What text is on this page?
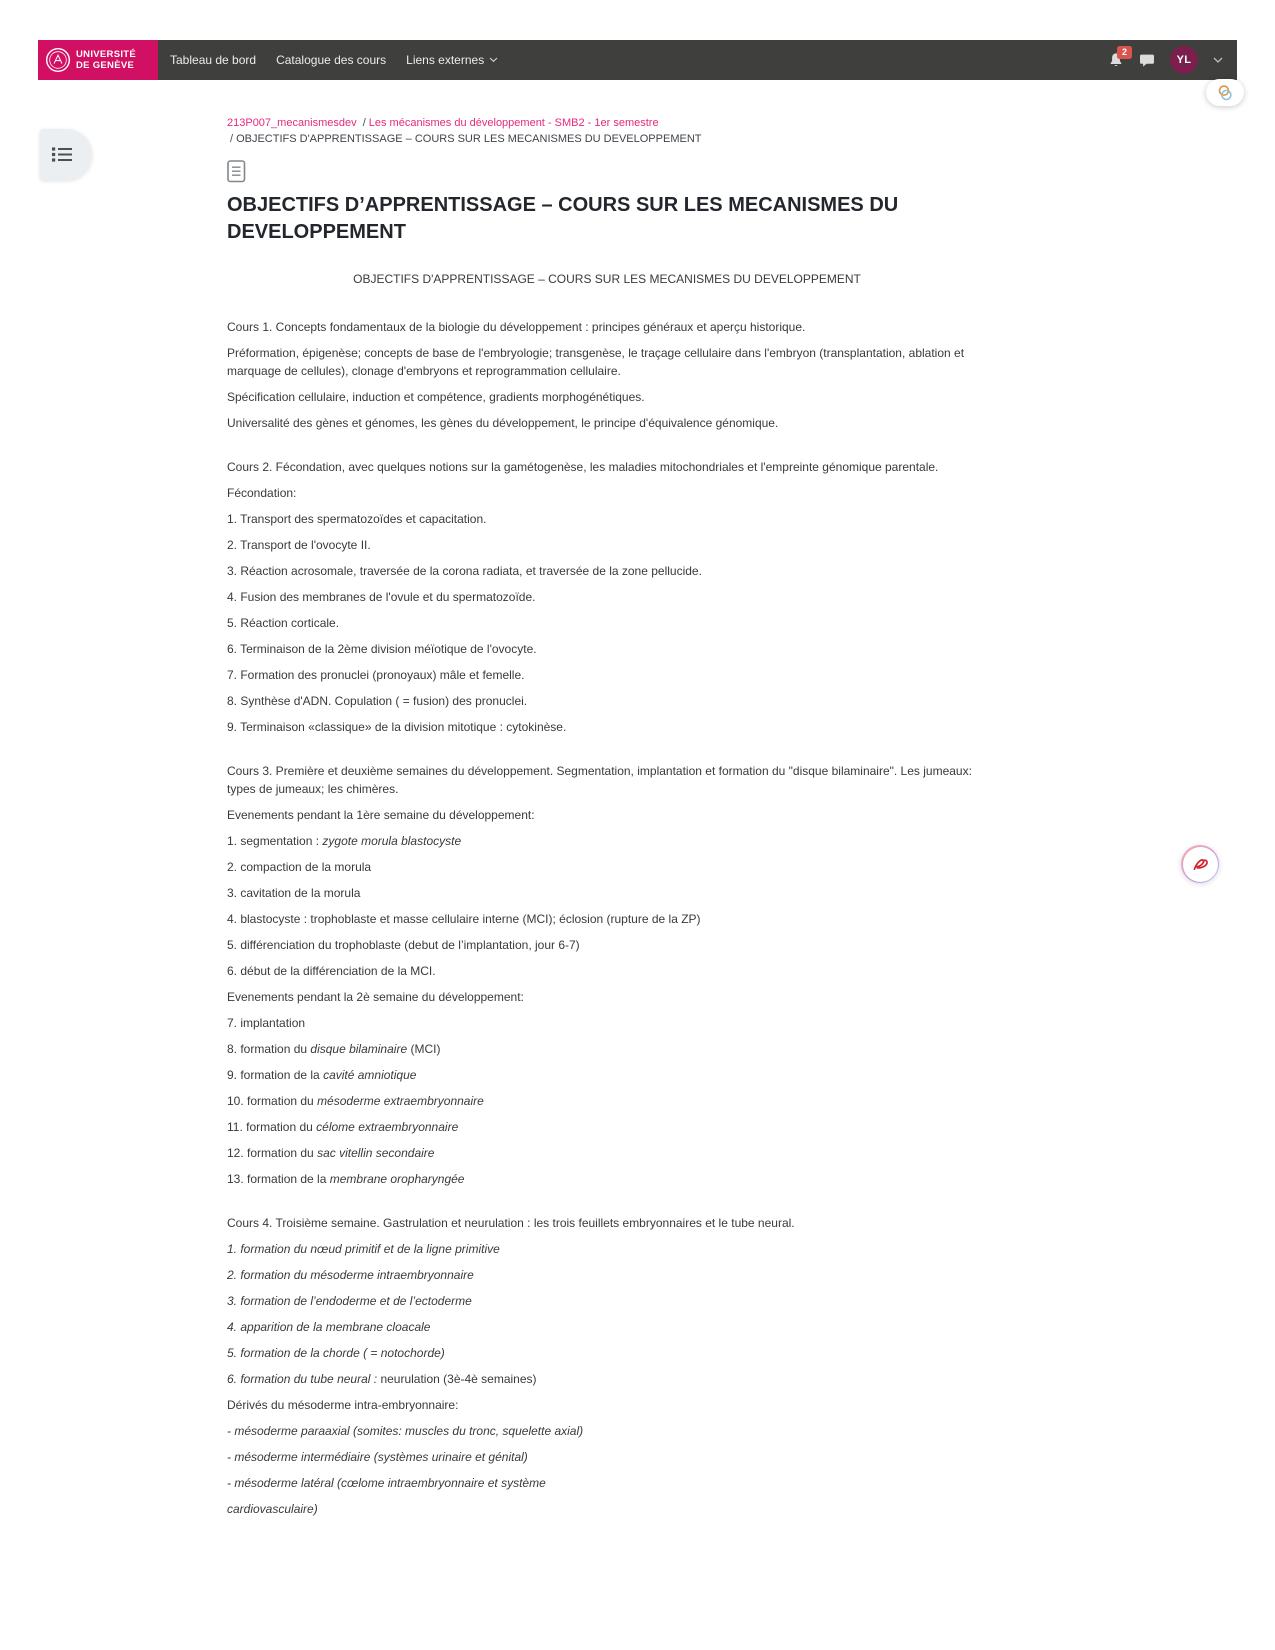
UNIVERSITÉ
DE GENÈVE	Tableau de bord Catalogue des cours Liens externes
2
YL
213P007_mecanismesdev / Les mécanismes du développement - SMB2 - 1er semestre / OBJECTIFS D'APPRENTISSAGE – COURS SUR LES MECANISMES DU DEVELOPPEMENT
OBJECTIFS D’APPRENTISSAGE – COURS SUR LES MECANISMES DU DEVELOPPEMENT
OBJECTIFS D'APPRENTISSAGE – COURS SUR LES MECANISMES DU DEVELOPPEMENT

Cours 1. Concepts fondamentaux de la biologie du développement : principes généraux et aperçu historique.

Préformation, épigenèse; concepts de base de l'embryologie; transgenèse, le traçage cellulaire dans l'embryon (transplantation, ablation et marquage de cellules), clonage d'embryons et reprogrammation cellulaire.

Spécification cellulaire, induction et compétence, gradients morphogénétiques.

Universalité des gènes et génomes, les gènes du développement, le principe d'équivalence génomique.

Cours 2. Fécondation, avec quelques notions sur la gamétogenèse, les maladies mitochondriales et l'empreinte génomique parentale.

Fécondation:

1. Transport des spermatozoïdes et capacitation.

2. Transport de l'ovocyte II.

3. Réaction acrosomale, traversée de la corona radiata, et traversée de la zone pellucide.

4. Fusion des membranes de l'ovule et du spermatozoïde.

5. Réaction corticale.

6. Terminaison de la 2ème division méïotique de l'ovocyte.

7. Formation des pronuclei (pronoyaux) mâle et femelle.

8. Synthèse d'ADN. Copulation ( = fusion) des pronuclei.

9. Terminaison «classique» de la division mitotique : cytokinèse.

Cours 3. Première et deuxième semaines du développement. Segmentation, implantation et formation du "disque bilaminaire". Les jumeaux: types de jumeaux; les chimères.

Evenements pendant la 1ère semaine du développement:

1. segmentation : zygote morula blastocyste

2. compaction de la morula

3. cavitation de la morula

4. blastocyste : trophoblaste et masse cellulaire interne (MCI); éclosion (rupture de la ZP)

5. différenciation du trophoblaste (debut de l’implantation, jour 6-7)

6. début de la différenciation de la MCI.

Evenements pendant la 2è semaine du développement:

7. implantation

8. formation du disque bilaminaire (MCI)

9. formation de la cavité amniotique

10. formation du mésoderme extraembryonnaire

11. formation du célome extraembryonnaire

12. formation du sac vitellin secondaire

13. formation de la membrane oropharyngée

Cours 4. Troisième semaine. Gastrulation et neurulation : les trois feuillets embryonnaires et le tube neural.

1. formation du nœud primitif et de la ligne primitive

2. formation du mésoderme intraembryonnaire

3. formation de l’endoderme et de l’ectoderme

4. apparition de la membrane cloacale

5. formation de la chorde ( = notochorde)

6. formation du tube neural : neurulation (3è-4è semaines)

Dérivés du mésoderme intra-embryonnaire:

- mésoderme paraaxial (somites: muscles du tronc, squelette axial)

- mésoderme intermédiaire (systèmes urinaire et génital)

- mésoderme latéral (cœlome intraembryonnaire et système

cardiovasculaire)
